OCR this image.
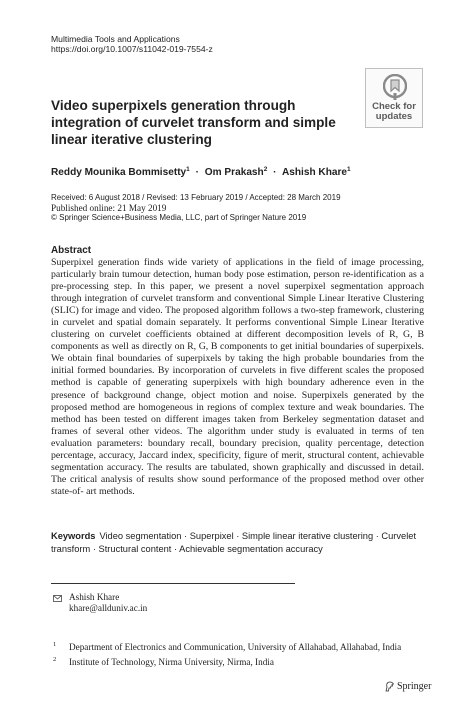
Multimedia Tools and Applications
https://doi.org/10.1007/s11042-019-7554-z
Check for
updates
Video superpixels generation through integration of curvelet transform and simple linear iterative clustering
Reddy Mounika Bommisetty$^1$ · Om Prakash$^2$ · Ashish Khare$^1$
Received: 6 August 2018 / Revised: 13 February 2019 / Accepted: 28 March 2019
Published online: 21 May 2019
© Springer Science+Business Media, LLC, part of Springer Nature 2019
Abstract
Superpixel generation finds wide variety of applications in the field of image processing, particularly brain tumour detection, human body pose estimation, person re-identification as a pre-processing step. In this paper, we present a novel superpixel segmentation approach through integration of curvelet transform and conventional Simple Linear Iterative Clustering (SLIC) for image and video. The proposed algorithm follows a two-step framework, clustering in curvelet and spatial domain separately. It performs conventional Simple Linear Iterative clustering on curvelet coefficients obtained at different decomposition levels of R, G, B components as well as directly on R, G, B components to get initial boundaries of superpixels. We obtain final boundaries of superpixels by taking the high probable boundaries from the initial formed boundaries. By incorporation of curvelets in five different scales the proposed method is capable of generating superpixels with high boundary adherence even in the presence of background change, object motion and noise. Superpixels generated by the proposed method are homogeneous in regions of complex texture and weak boundaries. The method has been tested on different images taken from Berkeley segmentation dataset and frames of several other videos. The algorithm under study is evaluated in terms of ten evaluation parameters: boundary recall, boundary precision, quality percentage, detection percentage, accuracy, Jaccard index, specificity, figure of merit, structural content, achievable segmentation accuracy. The results are tabulated, shown graphically and discussed in detail. The critical analysis of results show sound performance of the proposed method over other state-of- art methods.
Keywords Video segmentation · Superpixel · Simple linear iterative clustering · Curvelet transform · Structural content · Achievable segmentation accuracy
Ashish Khare
khare@allduniv.ac.in
1 Department of Electronics and Communication, University of Allahabad, Allahabad, India
2 Institute of Technology, Nirma University, Nirma, India
Springer
